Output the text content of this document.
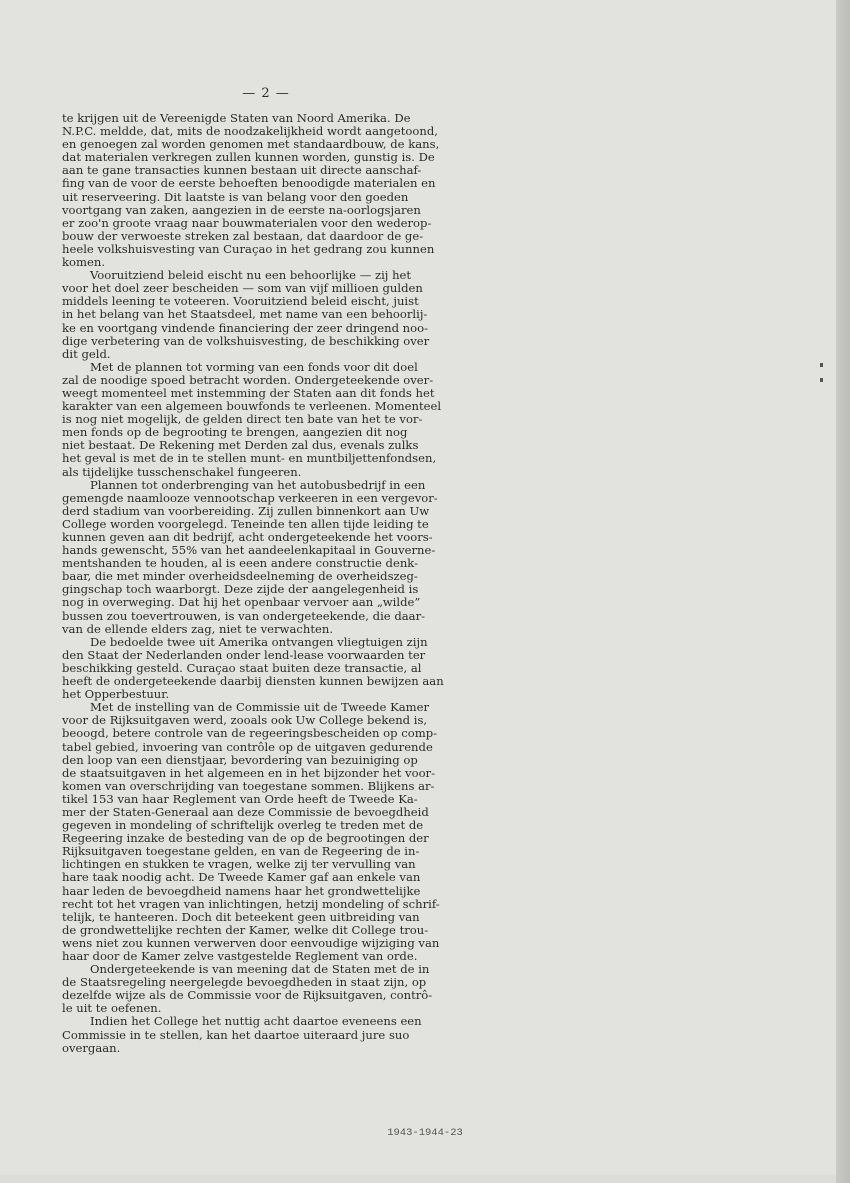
— 2 —

te krijgen uit de Vereenigde Staten van Noord Amerika. De
N.P.C. meldde, dat, mits de noodzakelijkheid wordt aangetoond,
en genoegen zal worden genomen met standaardbouw, de kans,
dat materialen verkregen zullen kunnen worden, gunstig is. De
aan te gane transacties kunnen bestaan uit directe aanschaf-
fing van de voor de eerste behoeften benoodigde materialen en
uit reserveering. Dit laatste is van belang voor den goeden
voortgang van zaken, aangezien in de eerste na-oorlogsjaren
er zoo'n groote vraag naar bouwmaterialen voor den wederop-
bouw der verwoeste streken zal bestaan, dat daardoor de ge-
heele volkshuisvesting van Curaçao in het gedrang zou kunnen
komen.

Vooruitziend beleid eischt nu een behoorlijke — zij het
voor het doel zeer bescheiden — som van vijf millioen gulden
middels leening te voteeren. Vooruitziend beleid eischt, juist
in het belang van het Staatsdeel, met name van een behoorlij-
ke en voortgang vindende financiering der zeer dringend noo-
dige verbetering van de volkshuisvesting, de beschikking over
dit geld.

Met de plannen tot vorming van een fonds voor dit doel
zal de noodige spoed betracht worden. Ondergeteekende over-
weegt momenteel met instemming der Staten aan dit fonds het
karakter van een algemeen bouwfonds te verleenen. Momenteel
is nog niet mogelijk, de gelden direct ten bate van het te vor-
men fonds op de begrooting te brengen, aangezien dit nog
niet bestaat. De Rekening met Derden zal dus, evenals zulks
het geval is met de in te stellen munt- en muntbiljettenfondsen,
als tijdelijke tusschenschakel fungeeren.

Plannen tot onderbrenging van het autobusbedrijf in een
gemengde naamlooze vennootschap verkeeren in een vergevor-
derd stadium van voorbereiding. Zij zullen binnenkort aan Uw
College worden voorgelegd. Teneinde ten allen tijde leiding te
kunnen geven aan dit bedrijf, acht ondergeteekende het voors-
hands gewenscht, 55% van het aandeelenkapitaal in Gouverne-
mentshanden te houden, al is eeen andere constructie denk-
baar, die met minder overheidsdeelneming de overheidszeg-
gingschap toch waarborgt. Deze zijde der aangelegenheid is
nog in overweging. Dat hij het openbaar vervoer aan „wilde”
bussen zou toevertrouwen, is van ondergeteekende, die daar-
van de ellende elders zag, niet te verwachten.

De bedoelde twee uit Amerika ontvangen vliegtuigen zijn
den Staat der Nederlanden onder lend-lease voorwaarden ter
beschikking gesteld. Curaçao staat buiten deze transactie, al
heeft de ondergeteekende daarbij diensten kunnen bewijzen aan
het Opperbestuur.

Met de instelling van de Commissie uit de Tweede Kamer
voor de Rijksuitgaven werd, zooals ook Uw College bekend is,
beoogd, betere controle van de regeeringsbescheiden op comp-
tabel gebied, invoering van contrôle op de uitgaven gedurende
den loop van een dienstjaar, bevordering van bezuiniging op
de staatsuitgaven in het algemeen en in het bijzonder het voor-
komen van overschrijding van toegestane sommen. Blijkens ar-
tikel 153 van haar Reglement van Orde heeft de Tweede Ka-
mer der Staten-Generaal aan deze Commissie de bevoegdheid
gegeven in mondeling of schriftelijk overleg te treden met de
Regeering inzake de besteding van de op de begrootingen der
Rijksuitgaven toegestane gelden, en van de Regeering de in-
lichtingen en stukken te vragen, welke zij ter vervulling van
hare taak noodig acht. De Tweede Kamer gaf aan enkele van
haar leden de bevoegdheid namens haar het grondwettelijke
recht tot het vragen van inlichtingen, hetzij mondeling of schrif-
telijk, te hanteeren. Doch dit beteekent geen uitbreiding van
de grondwettelijke rechten der Kamer, welke dit College trou-
wens niet zou kunnen verwerven door eenvoudige wijziging van
haar door de Kamer zelve vastgestelde Reglement van orde.

Ondergeteekende is van meening dat de Staten met de in
de Staatsregeling neergelegde bevoegdheden in staat zijn, op
dezelfde wijze als de Commissie voor de Rijksuitgaven, contrô-
le uit te oefenen.

Indien het College het nuttig acht daartoe eveneens een
Commissie in te stellen, kan het daartoe uiteraard jure suo
overgaan.

1943-1944-23
